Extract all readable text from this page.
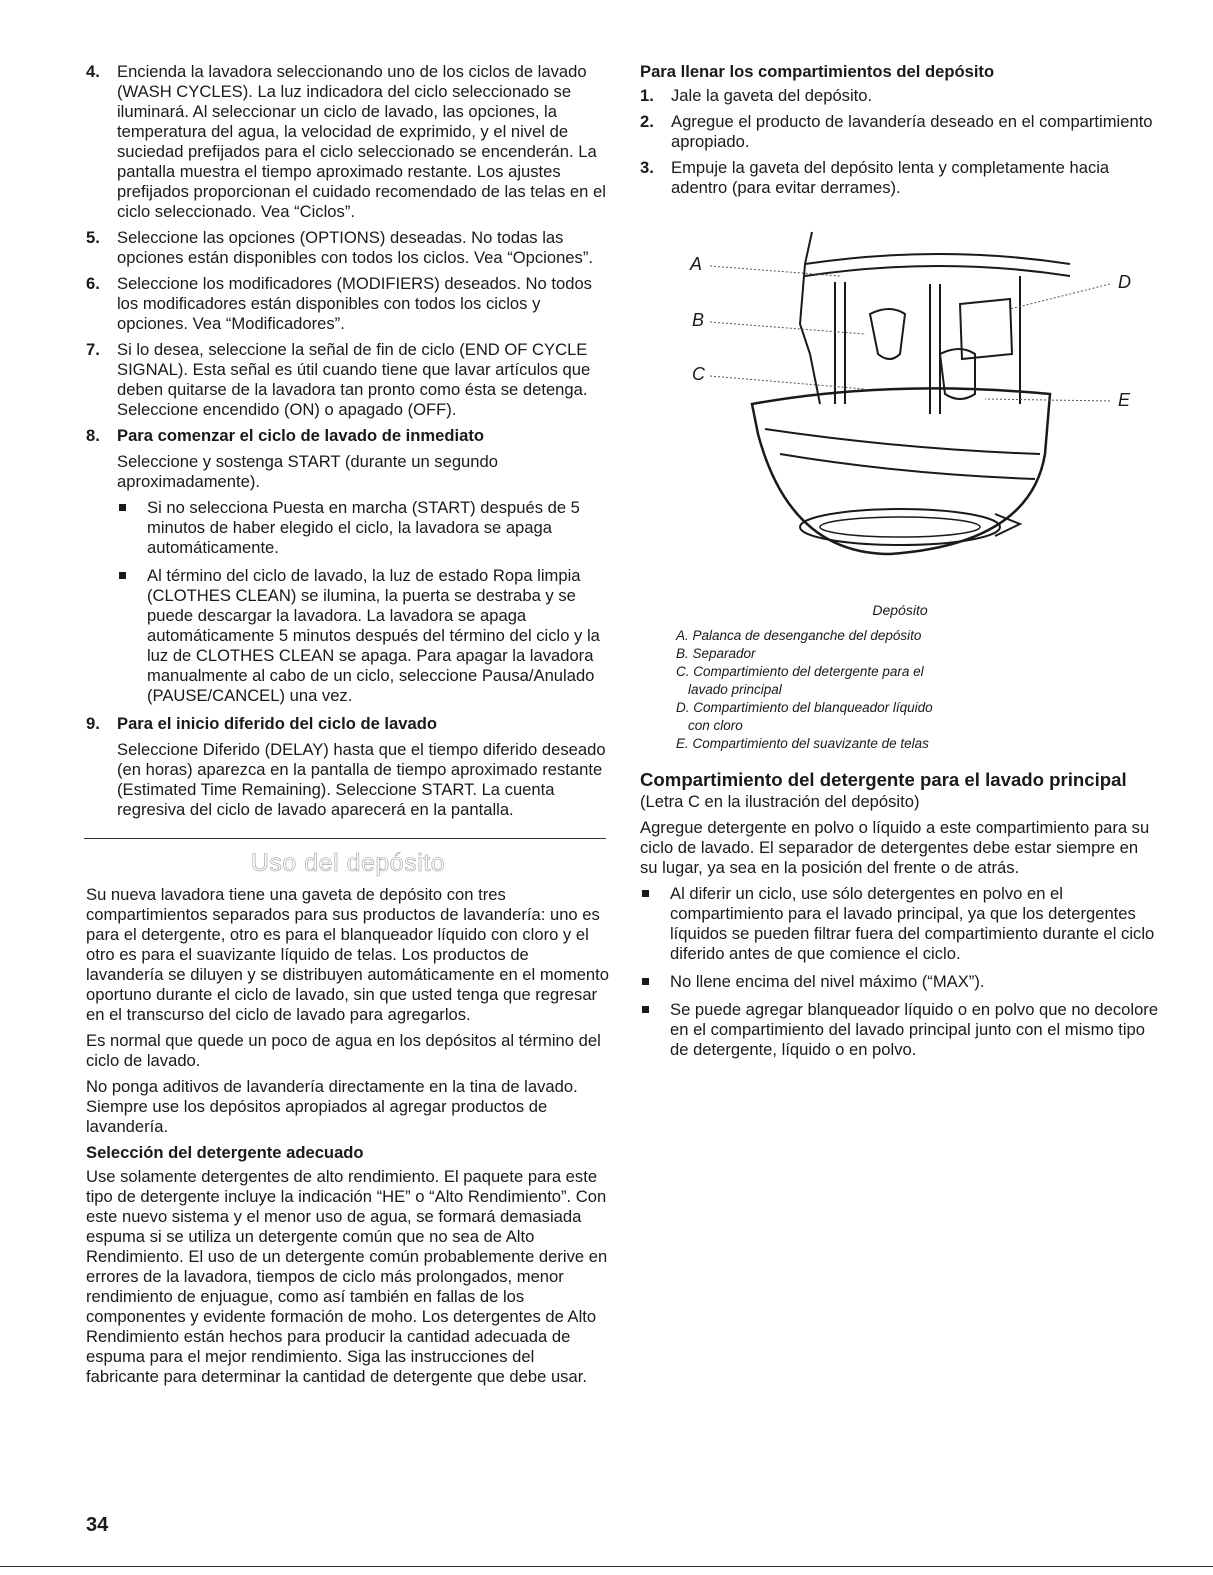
4. Encienda la lavadora seleccionando uno de los ciclos de lavado (WASH CYCLES). La luz indicadora del ciclo seleccionado se iluminará. Al seleccionar un ciclo de lavado, las opciones, la temperatura del agua, la velocidad de exprimido, y el nivel de suciedad prefijados para el ciclo seleccionado se encenderán. La pantalla muestra el tiempo aproximado restante. Los ajustes prefijados proporcionan el cuidado recomendado de las telas en el ciclo seleccionado. Vea “Ciclos”.
5. Seleccione las opciones (OPTIONS) deseadas. No todas las opciones están disponibles con todos los ciclos. Vea “Opciones”.
6. Seleccione los modificadores (MODIFIERS) deseados. No todos los modificadores están disponibles con todos los ciclos y opciones. Vea “Modificadores”.
7. Si lo desea, seleccione la señal de fin de ciclo (END OF CYCLE SIGNAL). Esta señal es útil cuando tiene que lavar artículos que deben quitarse de la lavadora tan pronto como ésta se detenga. Seleccione encendido (ON) o apagado (OFF).
8. Para comenzar el ciclo de lavado de inmediato
Seleccione y sostenga START (durante un segundo aproximadamente).
Si no selecciona Puesta en marcha (START) después de 5 minutos de haber elegido el ciclo, la lavadora se apaga automáticamente.
Al término del ciclo de lavado, la luz de estado Ropa limpia (CLOTHES CLEAN) se ilumina, la puerta se destraba y se puede descargar la lavadora. La lavadora se apaga automáticamente 5 minutos después del término del ciclo y la luz de CLOTHES CLEAN se apaga. Para apagar la lavadora manualmente al cabo de un ciclo, seleccione Pausa/Anulado (PAUSE/CANCEL) una vez.
9. Para el inicio diferido del ciclo de lavado
Seleccione Diferido (DELAY) hasta que el tiempo diferido deseado (en horas) aparezca en la pantalla de tiempo aproximado restante (Estimated Time Remaining). Seleccione START. La cuenta regresiva del ciclo de lavado aparecerá en la pantalla.
Uso del depósito

Su nueva lavadora tiene una gaveta de depósito con tres compartimientos separados para sus productos de lavandería: uno es para el detergente, otro es para el blanqueador líquido con cloro y el otro es para el suavizante líquido de telas. Los productos de lavandería se diluyen y se distribuyen automáticamente en el momento oportuno durante el ciclo de lavado, sin que usted tenga que regresar en el transcurso del ciclo de lavado para agregarlos.

Es normal que quede un poco de agua en los depósitos al término del ciclo de lavado.

No ponga aditivos de lavandería directamente en la tina de lavado. Siempre use los depósitos apropiados al agregar productos de lavandería.

Selección del detergente adecuado

Use solamente detergentes de alto rendimiento. El paquete para este tipo de detergente incluye la indicación “HE” o “Alto Rendimiento”. Con este nuevo sistema y el menor uso de agua, se formará demasiada espuma si se utiliza un detergente común que no sea de Alto Rendimiento. El uso de un detergente común probablemente derive en errores de la lavadora, tiempos de ciclo más prolongados, menor rendimiento de enjuague, como así también en fallas de los componentes y evidente formación de moho. Los detergentes de Alto Rendimiento están hechos para producir la cantidad adecuada de espuma para el mejor rendimiento. Siga las instrucciones del fabricante para determinar la cantidad de detergente que debe usar.

Para llenar los compartimientos del depósito
1. Jale la gaveta del depósito.
2. Agregue el producto de lavandería deseado en el compartimiento apropiado.
3. Empuje la gaveta del depósito lenta y completamente hacia adentro (para evitar derrames).
A
B
C
D
E
Depósito
A. Palanca de desenganche del depósito
B. Separador
C. Compartimiento del detergente para el
lavado principal
D. Compartimiento del blanqueador líquido
con cloro
E. Compartimiento del suavizante de telas
Compartimiento del detergente para el lavado principal

(Letra C en la ilustración del depósito)

Agregue detergente en polvo o líquido a este compartimiento para su ciclo de lavado. El separador de detergentes debe estar siempre en su lugar, ya sea en la posición del frente o de atrás.

Al diferir un ciclo, use sólo detergentes en polvo en el compartimiento para el lavado principal, ya que los detergentes líquidos se pueden filtrar fuera del compartimiento durante el ciclo diferido antes de que comience el ciclo.
No llene encima del nivel máximo (“MAX”).
Se puede agregar blanqueador líquido o en polvo que no decolore en el compartimiento del lavado principal junto con el mismo tipo de detergente, líquido o en polvo.
34
